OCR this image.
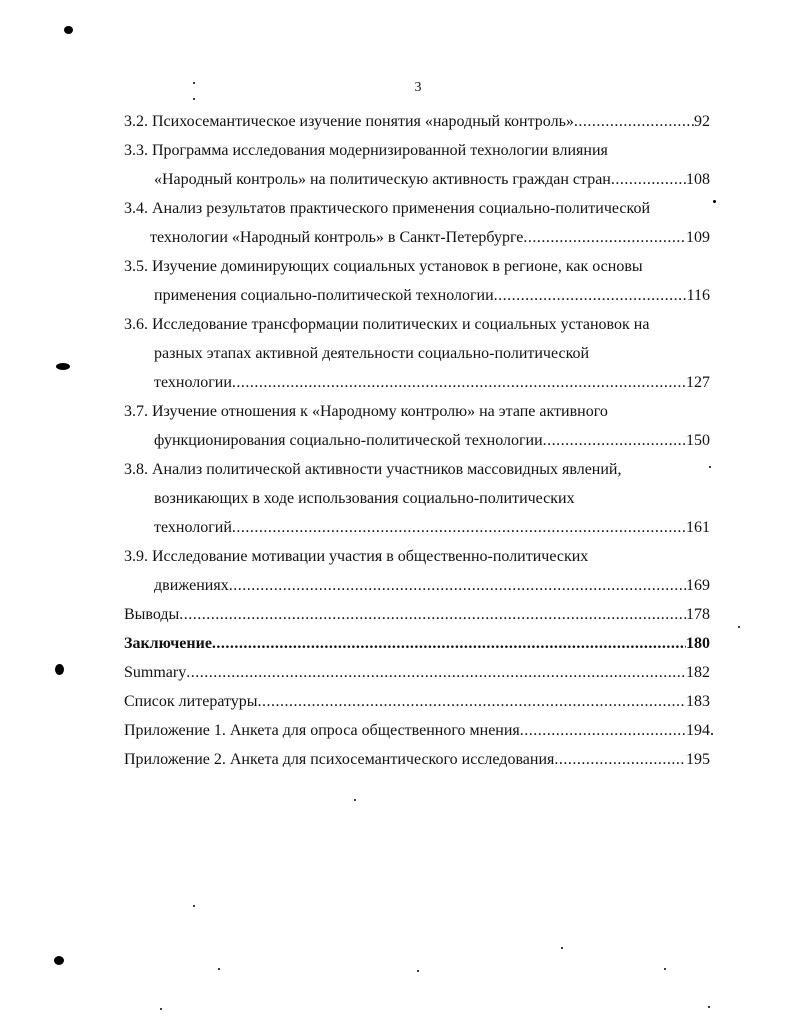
3
3.2. Психосемантическое изучение понятия «народный контроль» .....	92
3.3. Программа исследования модернизированной технологии влияния
«Народный контроль» на политическую активность граждан стран .....	108
3.4. Анализ результатов практического применения социально-политической
технологии «Народный контроль» в Санкт-Петербурге .....	109
3.5. Изучение доминирующих социальных установок в регионе, как основы
применения социально-политической технологии .....	116
3.6. Исследование трансформации политических и социальных установок на
разных этапах активной деятельности социально-политической
технологии .....	127
3.7. Изучение отношения к «Народному контролю» на этапе активного
функционирования социально-политической технологии .....	150
3.8. Анализ политической активности участников массовидных явлений,
возникающих в ходе использования социально-политических
технологий .....	161
3.9. Исследование мотивации участия в общественно-политических
движениях .....	169
Выводы .....	178
Заключение .....	180
Summary .....	182
Список литературы .....	183
Приложение 1. Анкета для опроса общественного мнения .....	194
Приложение 2. Анкета для психосемантического исследования .....	195
